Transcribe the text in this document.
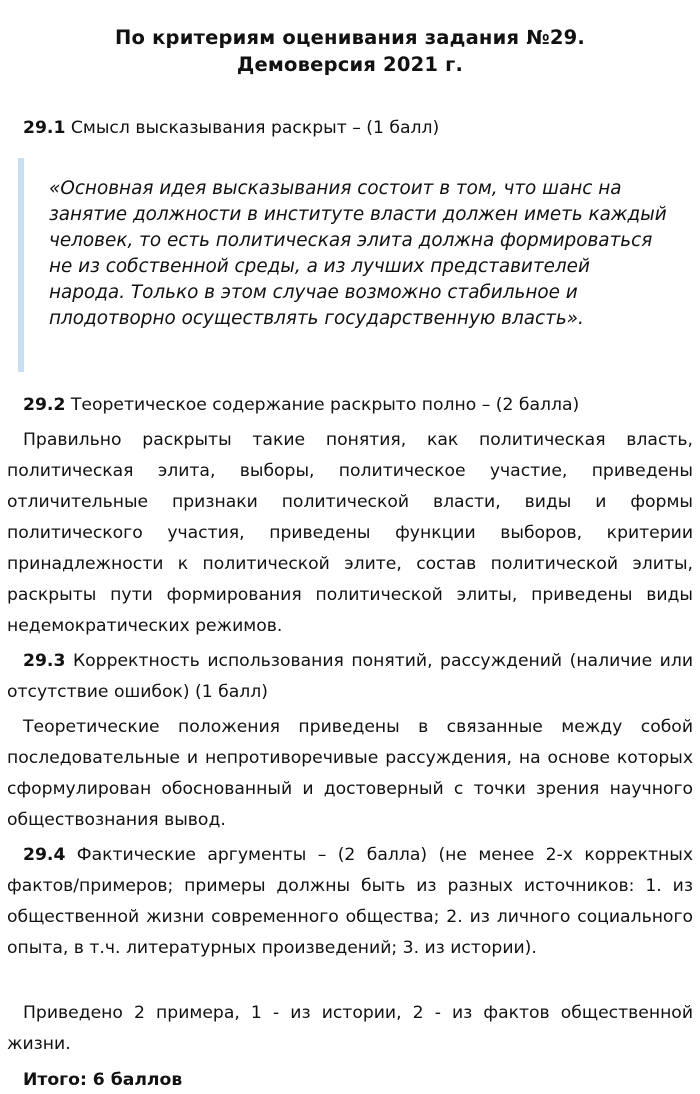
По критериям оценивания задания №29.
Демоверсия 2021 г.
29.1 Смысл высказывания раскрыт – (1 балл)
«Основная идея высказывания состоит в том, что шанс на занятие должности в институте власти должен иметь каждый человек, то есть политическая элита должна формироваться не из собственной среды, а из лучших представителей народа. Только в этом случае возможно стабильное и плодотворно осуществлять государственную власть».
29.2 Теоретическое содержание раскрыто полно – (2 балла)
Правильно раскрыты такие понятия, как политическая власть, политическая элита, выборы, политическое участие, приведены отличительные признаки политической власти, виды и формы политического участия, приведены функции выборов, критерии принадлежности к политической элите, состав политической элиты, раскрыты пути формирования политической элиты, приведены виды недемократических режимов.
29.3 Корректность использования понятий, рассуждений (наличие или отсутствие ошибок) (1 балл)
Теоретические положения приведены в связанные между собой последовательные и непротиворечивые рассуждения, на основе которых сформулирован обоснованный и достоверный с точки зрения научного обществознания вывод.
29.4 Фактические аргументы – (2 балла) (не менее 2-х корректных фактов/примеров; примеры должны быть из разных источников: 1. из общественной жизни современного общества; 2. из личного социального опыта, в т.ч. литературных произведений; 3. из истории).
Приведено 2 примера, 1 - из истории, 2 - из фактов общественной жизни.
Итого: 6 баллов
